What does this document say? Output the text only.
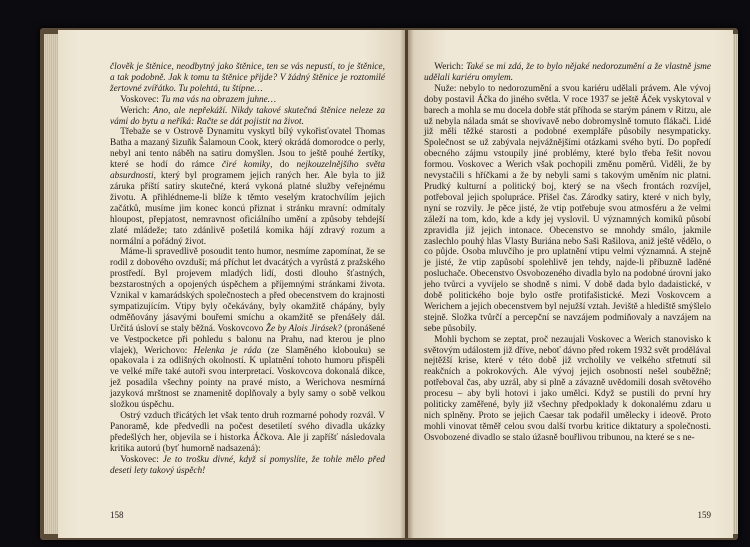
člověk je štěnice, neodbytný jako štěnice, ten se vás nepustí, to je štěnice, a tak podobně. Jak k tomu ta štěnice přijde? V žádný štěnice je roztomilé žertovné zvířátko. Tu polehtá, tu štípne…

Voskovec: Tu ma vás na obrazem juhne…

Werich: Ano, ale nepřekáží. Nikdy takové skutečná štěnice neleze za vámi do bytu a neříká: Račte se dát pojistit na život.

Třebaže se v Ostrově Dynamitu vyskytl bílý vykořisťovatel Thomas Batha a mazaný šizuňk Šalamoun Cook, který okrádá domorodce o perly, nebyl ani tento náběh na satiru domyšlen. Jsou to ještě pouhé žertíky, které se hodí do rámce čiré komiky, do nejkouzelnějšího světa absurdnosti, který byl programem jejich raných her. Ale byla to již záruka příští satiry skutečné, která vykoná platné služby veřejnému životu. A přihlédneme-li blíže k těmto veselým kratochvílím jejich začátků, musíme jim konec koncú přiznat i stránku mravní: odmítaly hloupost, přepjatost, nemravnost oficiálního umění a způsoby tehdejší zlaté mládeže; tato zdánlivě pošetilá komika hájí zdravý rozum a normální a pořádný život.

Máme-li spravedlivě posoudit tento humor, nesmíme zapomínat, že se rodil z dobového ovzduší; má příchut let dvacátých a vyrůstá z pražského prostředí. Byl projevem mladých lidí, dosti dlouho šťastných, bezstarostných a opojených úspěchem a příjemnými stránkami života. Vznikal v kamarádských společnostech a před obecenstvem do krajnosti sympatizujícím. Vtipy byly očekávány, byly okamžitě chápány, byly odměňovány jásavými bouřemi smíchu a okamžitě se přenášely dál. Určitá úsloví se staly běžná. Voskovcovo Že by Alois Jirásek? (pronášené ve Vestpocketce při pohledu s balonu na Prahu, nad kterou je plno vlajek), Werichovo: Helenka je ráda (ze Slaměného klobouku) se opakovala i za odlišných okolností. K uplatnění tohoto humoru přispěli ve velké míře také autoři svou interpretací. Voskovcova dokonalá dikce, jež posadila všechny pointy na pravé místo, a Werichova nesmírná jazyková mrštnost se znamenitě doplňovaly a byly samy o sobě velkou složkou úspěchu.

Ostrý vzduch třicátých let však tento druh rozmarné pohody rozvál. V Panoramě, kde předvedli na počest desetiletí svého divadla ukázky předešlých her, objevila se i historka Áčkova. Ale ji zapříšť následovala kritika autorú (byť humorně nadsazená):

Voskovec: Je to trošku divné, když si pomyslíte, že tohle mělo před deseti lety takový úspěch!

158

Werich: Také se mi zdá, že to bylo nějaké nedorozumění a že vlastně jsme udělali kariéru omylem.

Nuže: nebylo to nedorozumění a svou kariéru udělali právem. Ale vývoj doby postavil Áčka do jiného světla. V roce 1937 se ještě Áček vyskytoval v barech a mohla se mu docela dobře stát příhoda se starým pánem v Ritzu, ale už nebyla nálada smát se shovívavě nebo dobromyslně tomuto flákači. Lidé již měli těžké starosti a podobné exempláře působily nesympaticky. Společnost se už zabývala nejvážnějšími otázkami svého bytí. Do popředí obecného zájmu vstoupily jiné problémy, které bylo třeba řešit novou formou. Voskovec a Werich však pochopili změnu poměrů. Viděli, že by nevystačili s hříčkami a že by nebyli sami s takovým uměním nic platni. Prudký kulturní a politický boj, který se na všech frontách rozvíjel, potřeboval jejich spolupráce. Přišel čas. Zárodky satiry, které v nich byly, nyní se rozvily. Je pěce jisté, že vtip potřebuje svou atmosféru a že velmi záleží na tom, kdo, kde a kdy jej vyslovil. U významných komiků působí zpravidla již jejich intonace. Obecenstvo se mnohdy smálo, jakmile zaslechlo pouhý hlas Vlasty Buriána nebo Saši Rašilova, aniž ještě vědělo, o co půjde. Osoba mluvčího je pro uplatnění vtipu velmi významná. A stejně je jisté, že vtip zapůsobí spolehlivě jen tehdy, najde-li příbuzně laděné posluchače. Obecenstvo Osvobozeného divadla bylo na podobné úrovni jako jeho tvůrci a vyvíjelo se shodně s nimi. V době dada bylo dadaistické, v době politického boje bylo ostře protifašistické. Mezi Voskovcem a Werichem a jejich obecenstvem byl nejužší vztah. Jeviště a hlediště smýšlelo stejně. Složka tvůrčí a percepční se navzájem podmiňovaly a navzájem na sebe působily.

Mohli bychom se zeptat, proč nezaujali Voskovec a Werich stanovisko k světovým událostem již dříve, neboť dávno před rokem 1932 svět prodělával nejtěžší krise, které v této době již vrcholily ve velkého střetnutí sil reakčních a pokrokových. Ale vývoj jejich osobností nešel souběžně; potřeboval čas, aby uzrál, aby si plně a závazně uvědomili dosah světového procesu – aby byli hotovi i jako umělci. Když se pustili do první hry politicky zaměřené, byly již všechny předpoklady k dokonalému zdaru u nich splněny. Proto se jejich Caesar tak podařil umělecky i ideově. Proto mohli vinovat těměř celou svou další tvorbu kritice diktatury a společnosti. Osvobozené divadlo se stalo úžasně bouřlivou tribunou, na které se s ne-

159
